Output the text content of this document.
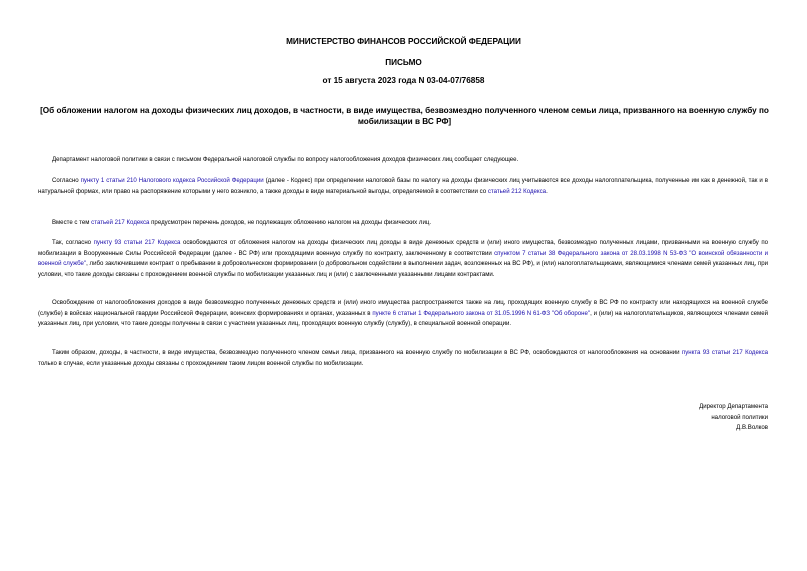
МИНИСТЕРСТВО ФИНАНСОВ РОССИЙСКОЙ ФЕДЕРАЦИИ
ПИСЬМО
от 15 августа 2023 года N 03-04-07/76858
[Об обложении налогом на доходы физических лиц доходов, в частности, в виде имущества, безвозмездно полученного членом семьи лица, призванного на военную службу по мобилизации в ВС РФ]
Департамент налоговой политики в связи с письмом Федеральной налоговой службы по вопросу налогообложения доходов физических лиц сообщает следующее.
Согласно пункту 1 статьи 210 Налогового кодекса Российской Федерации (далее - Кодекс) при определении налоговой базы по налогу на доходы физических лиц учитываются все доходы налогоплательщика, полученные им как в денежной, так и в натуральной формах, или право на распоряжение которыми у него возникло, а также доходы в виде материальной выгоды, определяемой в соответствии со статьей 212 Кодекса.
Вместе с тем статьей 217 Кодекса предусмотрен перечень доходов, не подлежащих обложению налогом на доходы физических лиц.
Так, согласно пункту 93 статьи 217 Кодекса освобождаются от обложения налогом на доходы физических лиц доходы в виде денежных средств и (или) иного имущества, безвозмездно полученных лицами, призванными на военную службу по мобилизации в Вооруженные Силы Российской Федерации (далее - ВС РФ) или проходящими военную службу по контракту, заключенному в соответствии спунктом 7 статьи 38 Федерального закона от 28.03.1998 N 53-ФЗ "О воинской обязанности и военной службе", либо заключившими контракт о пребывании в добровольческом формировании (о добровольном содействии в выполнении задач, возложенных на ВС РФ), и (или) налогоплательщиками, являющимися членами семей указанных лиц, при условии, что такие доходы связаны с прохождением военной службы по мобилизации указанных лиц и (или) с заключенными указанными лицами контрактами.
Освобождение от налогообложения доходов в виде безвозмездно полученных денежных средств и (или) иного имущества распространяется также на лиц, проходящих военную службу в ВС РФ по контракту или находящихся на военной службе (службе) в войсках национальной гвардии Российской Федерации, воинских формированиях и органах, указанных в пункте 6 статьи 1 Федерального закона от 31.05.1996 N 61-ФЗ "Об обороне", и (или) на налогоплательщиков, являющихся членами семей указанных лиц, при условии, что такие доходы получены в связи с участием указанных лиц, проходящих военную службу (службу), в специальной военной операции.
Таким образом, доходы, в частности, в виде имущества, безвозмездно полученного членом семьи лица, призванного на военную службу по мобилизации в ВС РФ, освобождаются от налогообложения на основании пункта 93 статьи 217 Кодекса только в случае, если указанные доходы связаны с прохождением таким лицом военной службы по мобилизации.
Директор Департамента
налоговой политики
Д.В.Волков
